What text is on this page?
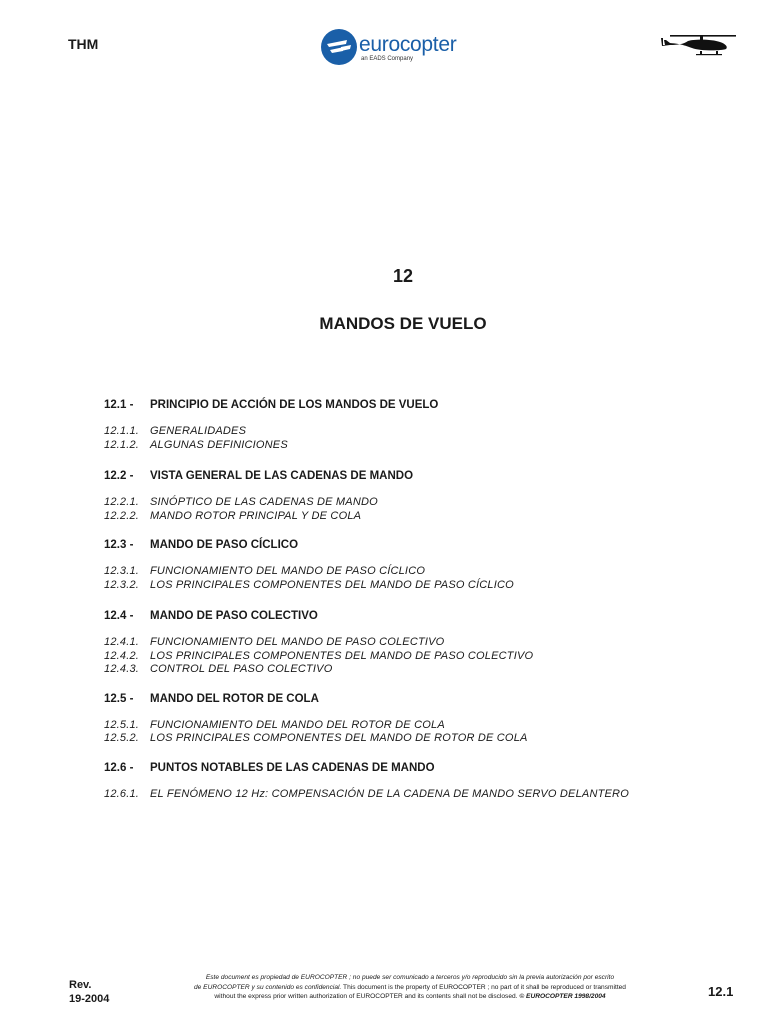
THM	eurocopter
an EADS Company
12
MANDOS DE VUELO
12.1 -	PRINCIPIO DE ACCIÓN DE LOS MANDOS DE VUELO
12.1.1. GENERALIDADES
12.1.2. ALGUNAS DEFINICIONES
12.2 -	VISTA GENERAL DE LAS CADENAS DE MANDO
12.2.1. SINÓPTICO DE LAS CADENAS DE MANDO
12.2.2. MANDO ROTOR PRINCIPAL Y DE COLA
12.3 -	MANDO DE PASO CÍCLICO
12.3.1. FUNCIONAMIENTO DEL MANDO DE PASO CÍCLICO
12.3.2. LOS PRINCIPALES COMPONENTES DEL MANDO DE PASO CÍCLICO
12.4 -	MANDO DE PASO COLECTIVO
12.4.1. FUNCIONAMIENTO DEL MANDO DE PASO COLECTIVO
12.4.2. LOS PRINCIPALES COMPONENTES DEL MANDO DE PASO COLECTIVO
12.4.3. CONTROL DEL PASO COLECTIVO
12.5 -	MANDO DEL ROTOR DE COLA
12.5.1. FUNCIONAMIENTO DEL MANDO DEL ROTOR DE COLA
12.5.2. LOS PRINCIPALES COMPONENTES DEL MANDO DE ROTOR DE COLA
12.6 -	PUNTOS NOTABLES DE LAS CADENAS DE MANDO
12.6.1. EL FENÓMENO 12 Hz: COMPENSACIÓN DE LA CADENA DE MANDO SERVO DELANTERO
Rev.
19-2004
Este document es propiedad de EUROCOPTER ; no puede ser comunicado a terceros y/o reproducido sin la previa autorización por escrito
de EUROCOPTER y su contenido es confidencial. This document is the property of EUROCOPTER ; no part of it shall be reproduced or transmitted
without the express prior written authorization of EUROCOPTER and its contents shall not be disclosed. © EUROCOPTER 1998/2004	12.1
